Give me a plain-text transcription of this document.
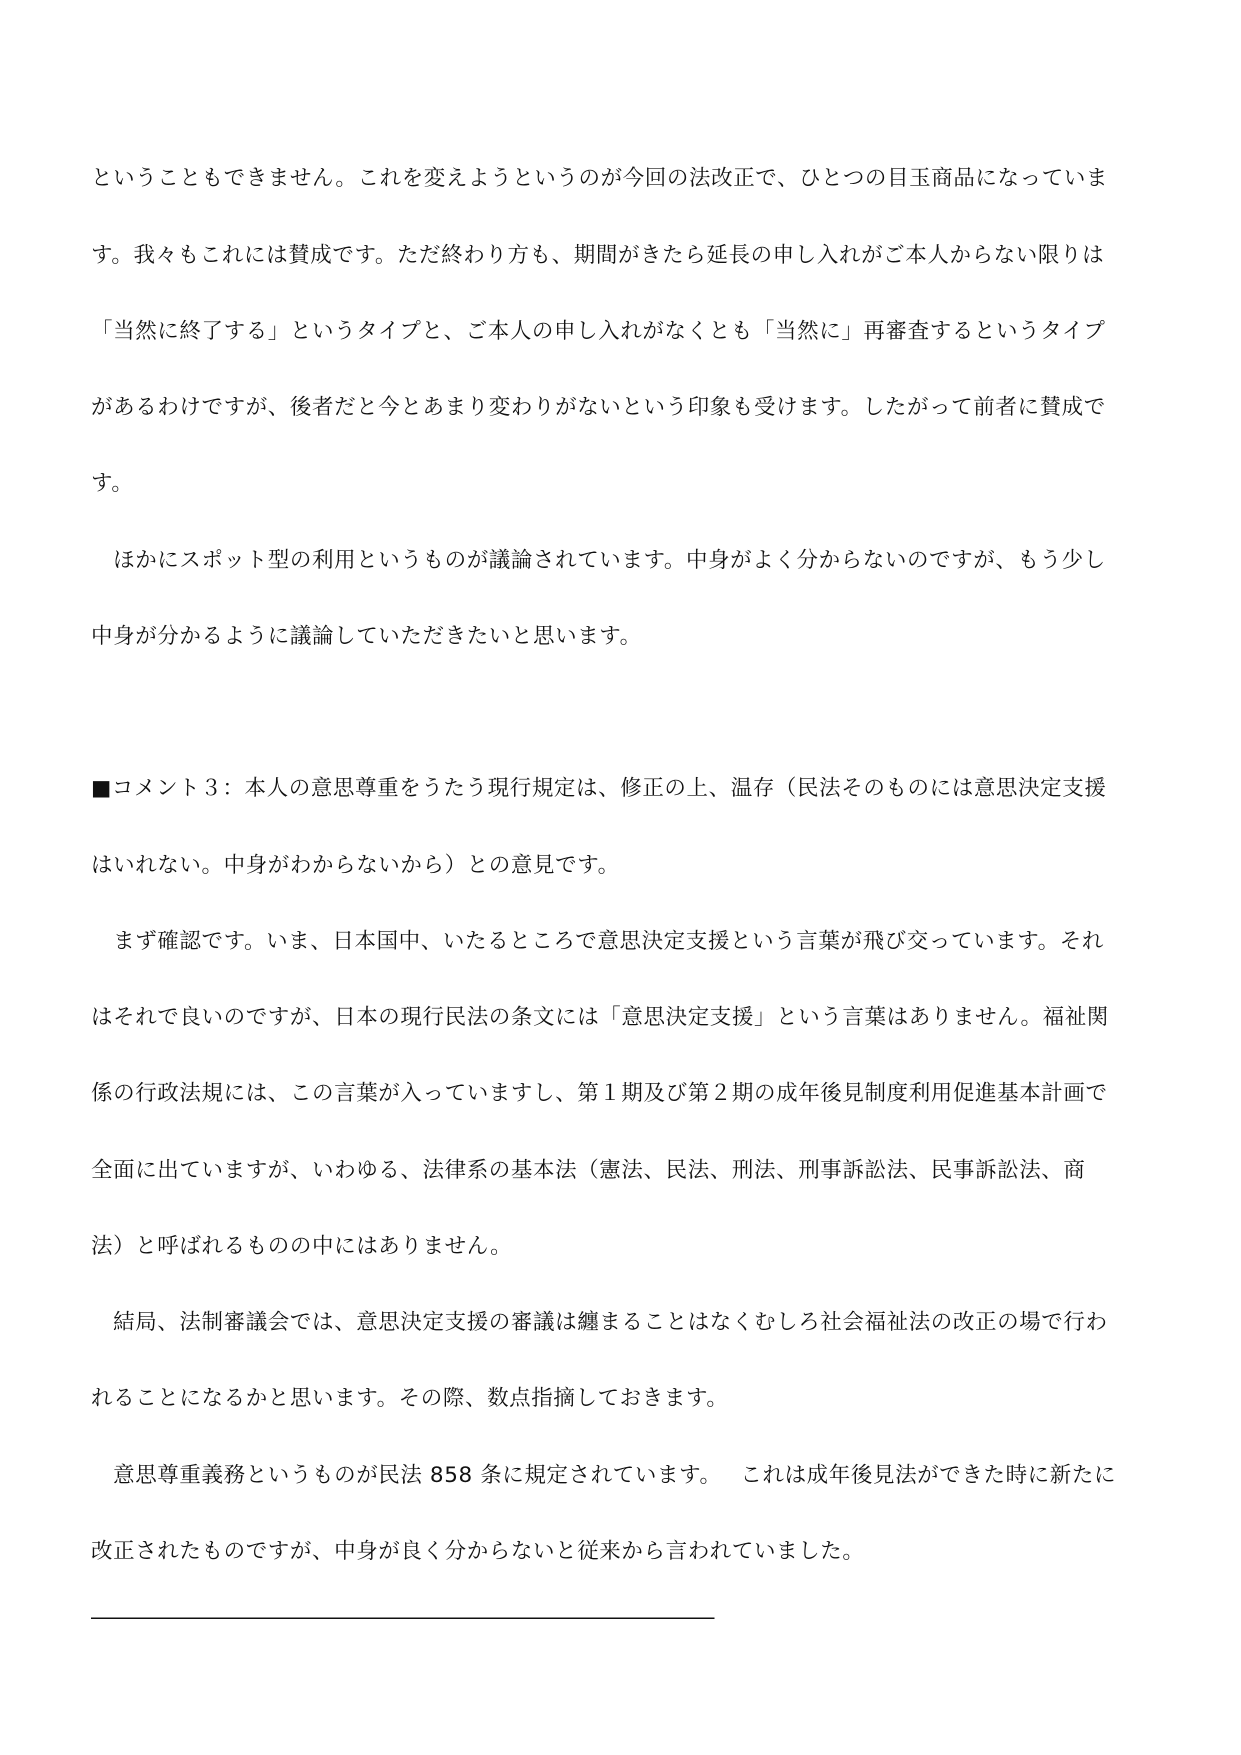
ということもできません。これを変えようというのが今回の法改正で、ひとつの目玉商品になっていま
す。我々もこれには賛成です。ただ終わり方も、期間がきたら延長の申し入れがご本人からない限りは
「当然に終了する」というタイプと、ご本人の申し入れがなくとも「当然に」再審査するというタイプ
があるわけですが、後者だと今とあまり変わりがないという印象も受けます。したがって前者に賛成で
す。
　ほかにスポット型の利用というものが議論されています。中身がよく分からないのですが、もう少し
中身が分かるように議論していただきたいと思います。
■コメント３：本人の意思尊重をうたう現行規定は、修正の上、温存（民法そのものには意思決定支援
はいれない。中身がわからないから）との意見です。
　まず確認です。いま、日本国中、いたるところで意思決定支援という言葉が飛び交っています。それ
はそれで良いのですが、日本の現行民法の条文には「意思決定支援」という言葉はありません。福祉関
係の行政法規には、この言葉が入っていますし、第１期及び第２期の成年後見制度利用促進基本計画で
全面に出ていますが、いわゆる、法律系の基本法（憲法、民法、刑法、刑事訴訟法、民事訴訟法、商
法）と呼ばれるものの中にはありません。
　結局、法制審議会では、意思決定支援の審議は纏まることはなくむしろ社会福祉法の改正の場で行わ
れることになるかと思います。その際、数点指摘しておきます。
　意思尊重義務というものが民法 858 条に規定されています。　 これは成年後見法ができた時に新たに
改正されたものですが、中身が良く分からないと従来から言われていました。
―――――――――――――――――――――――――――――
